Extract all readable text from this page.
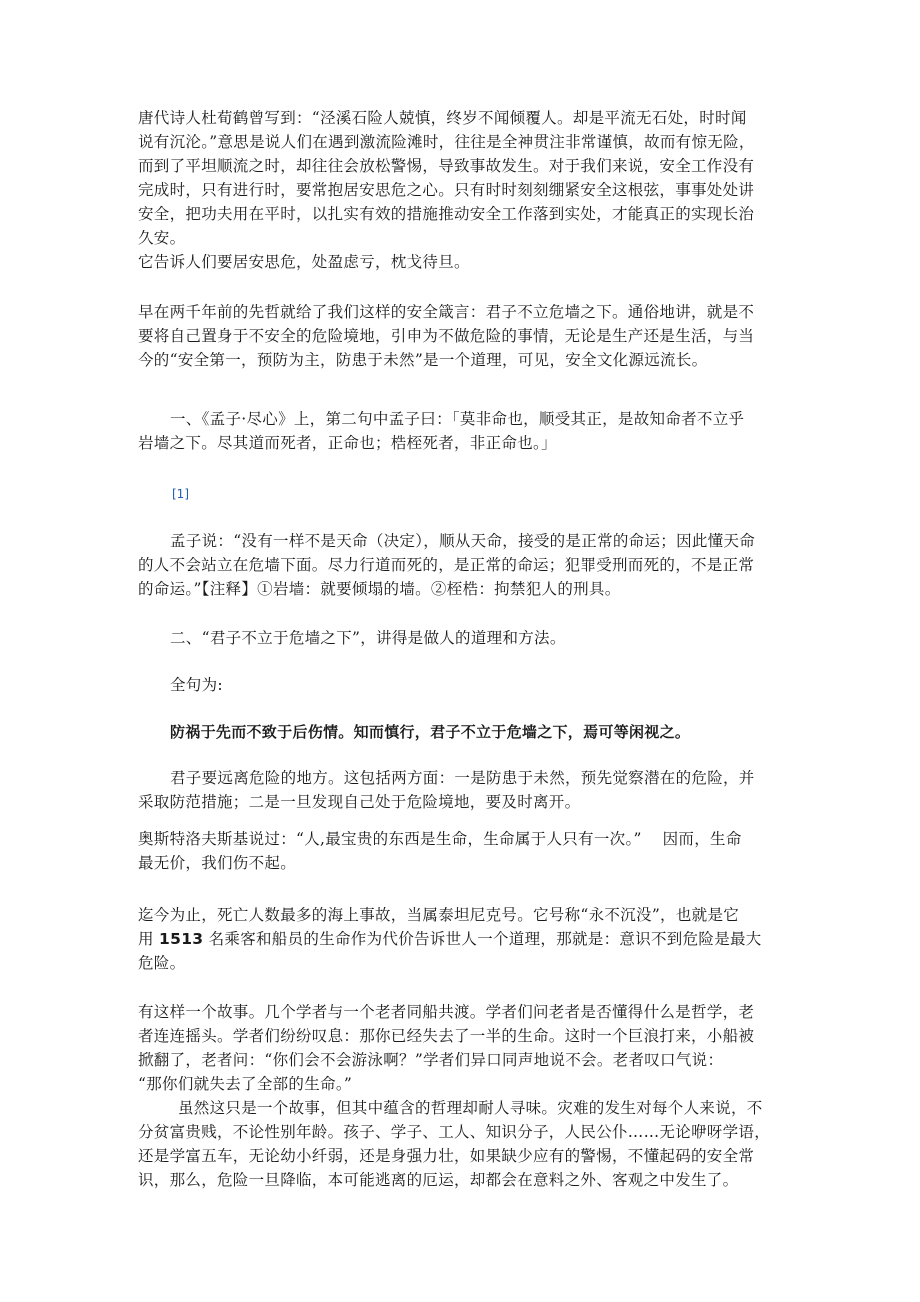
唐代诗人杜荀鹤曾写到：“泾溪石险人兢慎，终岁不闻倾覆人。却是平流无石处，时时闻
说有沉沦。”意思是说人们在遇到激流险滩时，往往是全神贯注非常谨慎，故而有惊无险，
而到了平坦顺流之时，却往往会放松警惕，导致事故发生。对于我们来说，安全工作没有
完成时，只有进行时，要常抱居安思危之心。只有时时刻刻绷紧安全这根弦，事事处处讲
安全，把功夫用在平时，以扎实有效的措施推动安全工作落到实处，才能真正的实现长治
久安。
它告诉人们要居安思危，处盈虑亏，枕戈待旦。
早在两千年前的先哲就给了我们这样的安全箴言：君子不立危墙之下。通俗地讲，就是不
要将自己置身于不安全的危险境地，引申为不做危险的事情，无论是生产还是生活，与当
今的“安全第一，预防为主，防患于未然”是一个道理，可见，安全文化源远流长。
一、《孟子·尽心》上，第二句中孟子曰：「莫非命也，顺受其正，是故知命者不立乎
岩墙之下。尽其道而死者，正命也；梏桎死者，非正命也。」
[1]
孟子说：“没有一样不是天命（决定），顺从天命，接受的是正常的命运；因此懂天命
的人不会站立在危墙下面。尽力行道而死的，是正常的命运；犯罪受刑而死的，不是正常
的命运。”【注释】①岩墙：就要倾塌的墙。②桎梏：拘禁犯人的刑具。
二、“君子不立于危墙之下”，讲得是做人的道理和方法。
全句为:
防祸于先而不致于后伤情。知而慎行，君子不立于危墙之下，焉可等闲视之。
君子要远离危险的地方。这包括两方面：一是防患于未然，预先觉察潜在的危险，并
采取防范措施；二是一旦发现自己处于危险境地，要及时离开。
奥斯特洛夫斯基说过：“人,最宝贵的东西是生命，生命属于人只有一次。”    因而，生命
最无价，我们伤不起。
迄今为止，死亡人数最多的海上事故，当属泰坦尼克号。它号称“永不沉没”，也就是它
用 1513 名乘客和船员的生命作为代价告诉世人一个道理，那就是：意识不到危险是最大
危险。
有这样一个故事。几个学者与一个老者同船共渡。学者们问老者是否懂得什么是哲学，老
者连连摇头。学者们纷纷叹息：那你已经失去了一半的生命。这时一个巨浪打来，小船被
掀翻了，老者问：“你们会不会游泳啊？”学者们异口同声地说不会。老者叹口气说：
“那你们就失去了全部的生命。”
虽然这只是一个故事，但其中蕴含的哲理却耐人寻味。灾难的发生对每个人来说，不
分贫富贵贱，不论性别年龄。孩子、学子、工人、知识分子，人民公仆……无论咿呀学语，
还是学富五车，无论幼小纤弱，还是身强力壮，如果缺少应有的警惕，不懂起码的安全常
识，那么，危险一旦降临，本可能逃离的厄运，却都会在意料之外、客观之中发生了。
